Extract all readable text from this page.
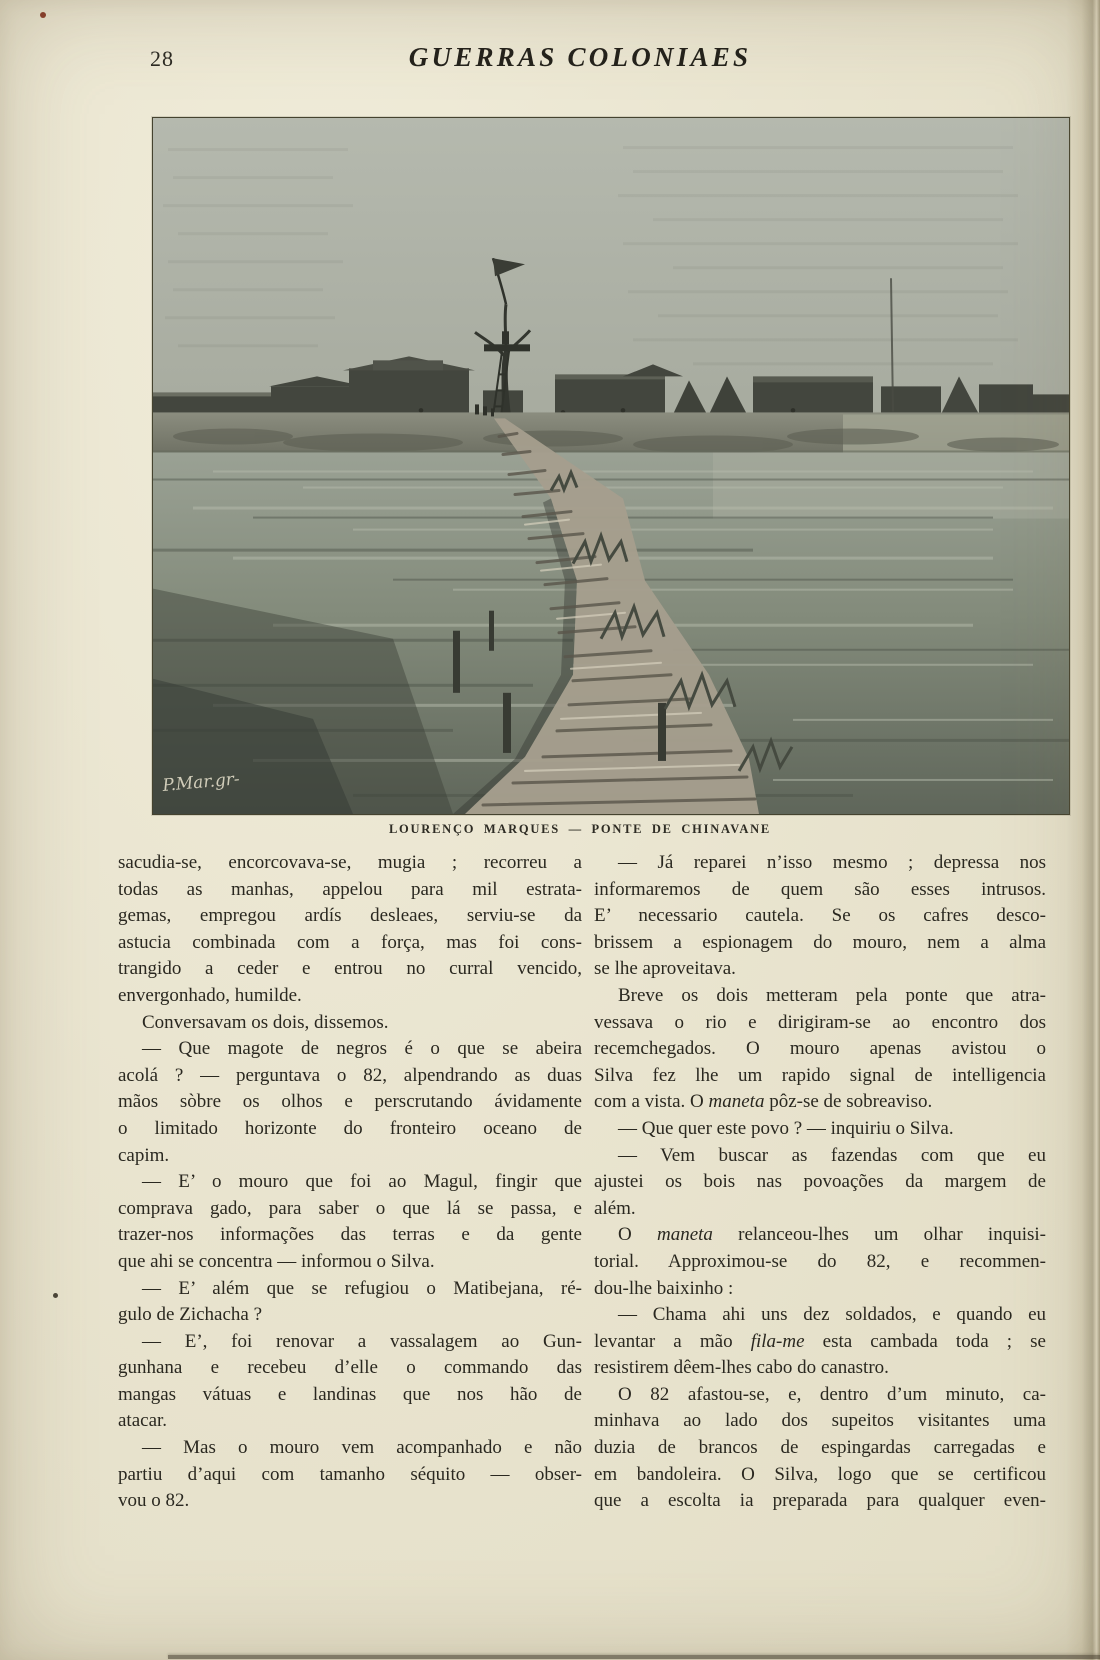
28	GUERRAS COLONIAES
P.Mar.gr-
LOURENÇO MARQUES — PONTE DE CHINAVANE
sacudia-se, encorcovava-se, mugia ; recorreu a
todas as manhas, appelou para mil estrata-
gemas, empregou ardís desleaes, serviu-se da
astucia combinada com a força, mas foi cons-
trangido a ceder e entrou no curral vencido,
envergonhado, humilde.
Conversavam os dois, dissemos.
— Que magote de negros é o que se abeira
acolá ? — perguntava o 82, alpendrando as duas
mãos sòbre os olhos e perscrutando ávidamente
o limitado horizonte do fronteiro oceano de
capim.
— E’ o mouro que foi ao Magul, fingir que
comprava gado, para saber o que lá se passa, e
trazer-nos informações das terras e da gente
que ahi se concentra — informou o Silva.
— E’ além que se refugiou o Matibejana, ré-
gulo de Zichacha ?
— E’, foi renovar a vassalagem ao Gun-
gunhana e recebeu d’elle o commando das
mangas vátuas e landinas que nos hão de
atacar.
— Mas o mouro vem acompanhado e não
partiu d’aqui com tamanho séquito — obser-
vou o 82.
— Já reparei n’isso mesmo ; depressa nos
informaremos de quem são esses intrusos.
E’ necessario cautela. Se os cafres desco-
brissem a espionagem do mouro, nem a alma
se lhe aproveitava.
Breve os dois metteram pela ponte que atra-
vessava o rio e dirigiram-se ao encontro dos
recemchegados. O mouro apenas avistou o
Silva fez lhe um rapido signal de intelligencia
com a vista. O maneta pôz-se de sobreaviso.
— Que quer este povo ? — inquiriu o Silva.
— Vem buscar as fazendas com que eu
ajustei os bois nas povoações da margem de
além.
O maneta relanceou-lhes um olhar inquisi-
torial. Approximou-se do 82, e recommen-
dou-lhe baixinho :
— Chama ahi uns dez soldados, e quando eu
levantar a mão fila-me esta cambada toda ; se
resistirem dêem-lhes cabo do canastro.
O 82 afastou-se, e, dentro d’um minuto, ca-
minhava ao lado dos supeitos visitantes uma
duzia de brancos de espingardas carregadas e
em bandoleira. O Silva, logo que se certificou
que a escolta ia preparada para qualquer even-
